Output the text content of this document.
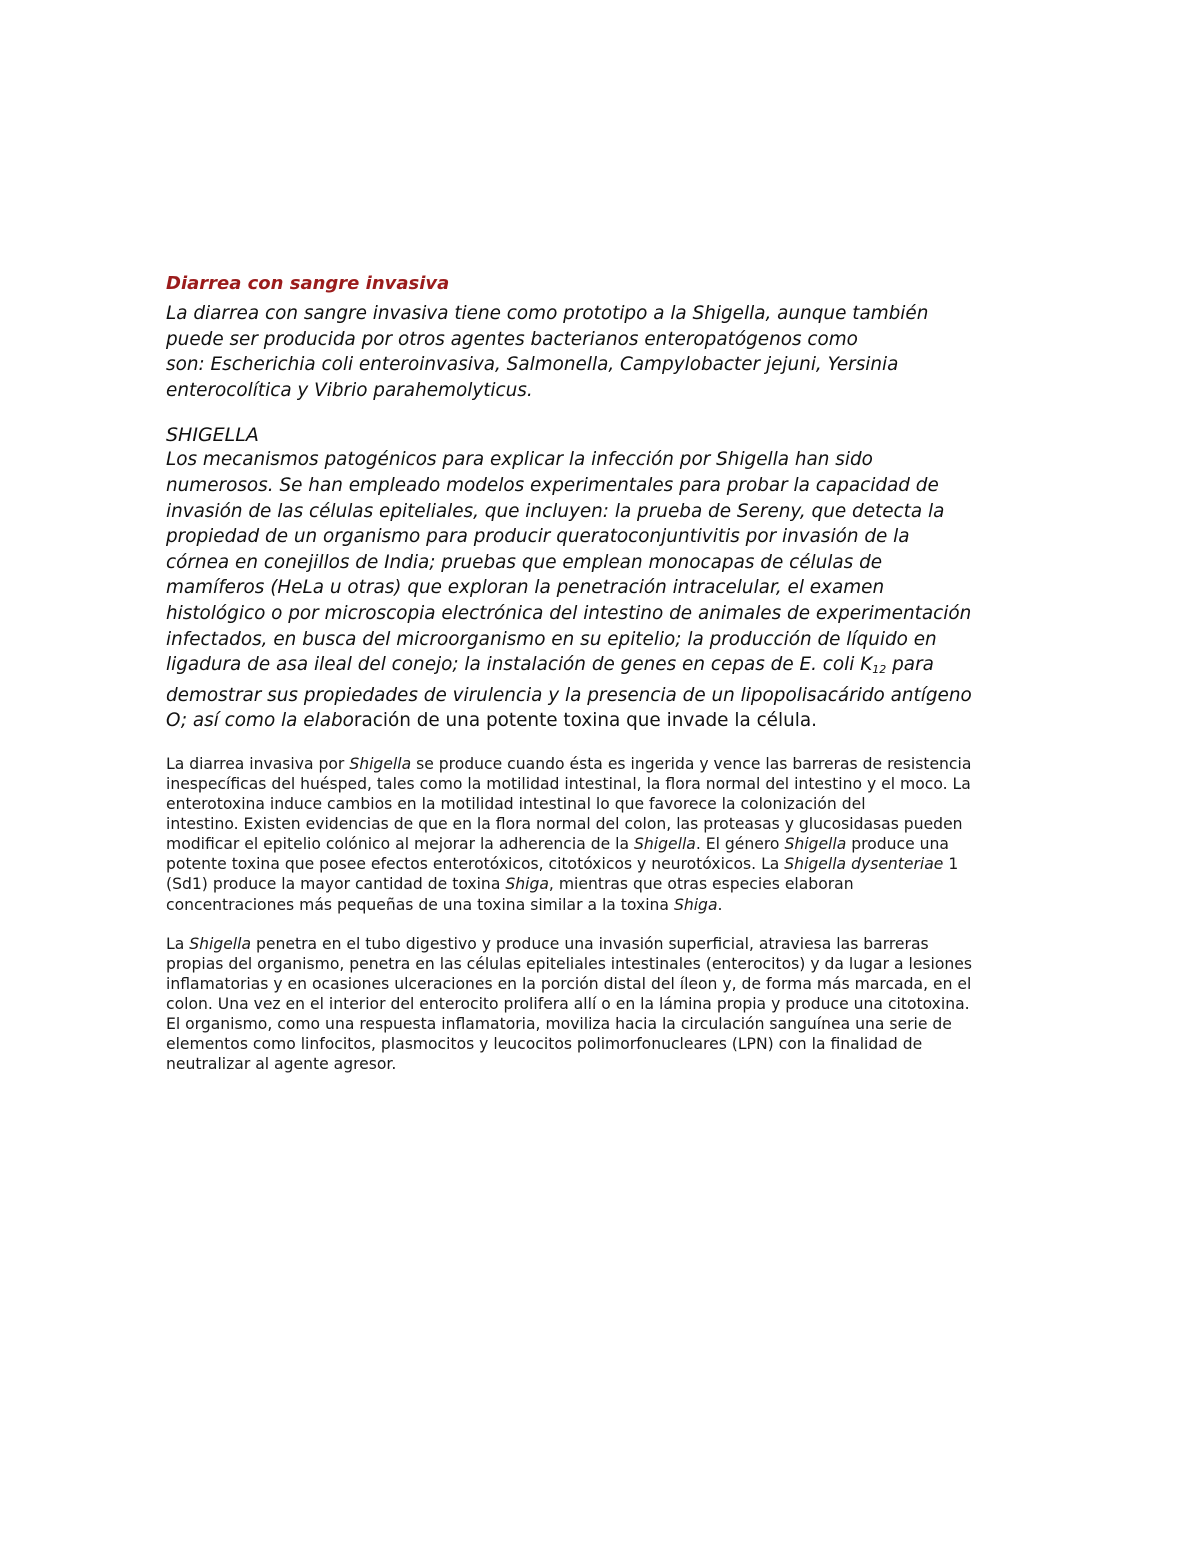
Diarrea con sangre invasiva

La diarrea con sangre invasiva tiene como prototipo a la Shigella, aunque también
puede ser producida por otros agentes bacterianos enteropatógenos como
son: Escherichia coli enteroinvasiva, Salmonella, Campylobacter jejuni, Yersinia
enterocolítica y Vibrio parahemolyticus.

SHIGELLA

Los mecanismos patogénicos para explicar la infección por Shigella han sido
numerosos. Se han empleado modelos experimentales para probar la capacidad de
invasión de las células epiteliales, que incluyen: la prueba de Sereny, que detecta la
propiedad de un organismo para producir queratoconjuntivitis por invasión de la
córnea en conejillos de India; pruebas que emplean monocapas de células de
mamíferos (HeLa u otras) que exploran la penetración intracelular, el examen
histológico o por microscopia electrónica del intestino de animales de experimentación
infectados, en busca del microorganismo en su epitelio; la producción de líquido en
ligadura de asa ileal del conejo; la instalación de genes en cepas de E. coli $K_{12}$ para
demostrar sus propiedades de virulencia y la presencia de un lipopolisacárido antígeno
O; así como la elaboración de una potente toxina que invade la célula.

La diarrea invasiva por Shigella se produce cuando ésta es ingerida y vence las barreras de resistencia
inespecíficas del huésped, tales como la motilidad intestinal, la flora normal del intestino y el moco. La
enterotoxina induce cambios en la motilidad intestinal lo que favorece la colonización del
intestino. Existen evidencias de que en la flora normal del colon, las proteasas y glucosidasas pueden
modificar el epitelio colónico al mejorar la adherencia de la Shigella. El género Shigella produce una
potente toxina que posee efectos enterotóxicos, citotóxicos y neurotóxicos. La Shigella dysenteriae 1
(Sd1) produce la mayor cantidad de toxina Shiga, mientras que otras especies elaboran
concentraciones más pequeñas de una toxina similar a la toxina Shiga.

La Shigella penetra en el tubo digestivo y produce una invasión superficial, atraviesa las barreras
propias del organismo, penetra en las células epiteliales intestinales (enterocitos) y da lugar a lesiones
inflamatorias y en ocasiones ulceraciones en la porción distal del íleon y, de forma más marcada, en el
colon. Una vez en el interior del enterocito prolifera allí o en la lámina propia y produce una citotoxina.
El organismo, como una respuesta inflamatoria, moviliza hacia la circulación sanguínea una serie de
elementos como linfocitos, plasmocitos y leucocitos polimorfonucleares (LPN) con la finalidad de
neutralizar al agente agresor.
